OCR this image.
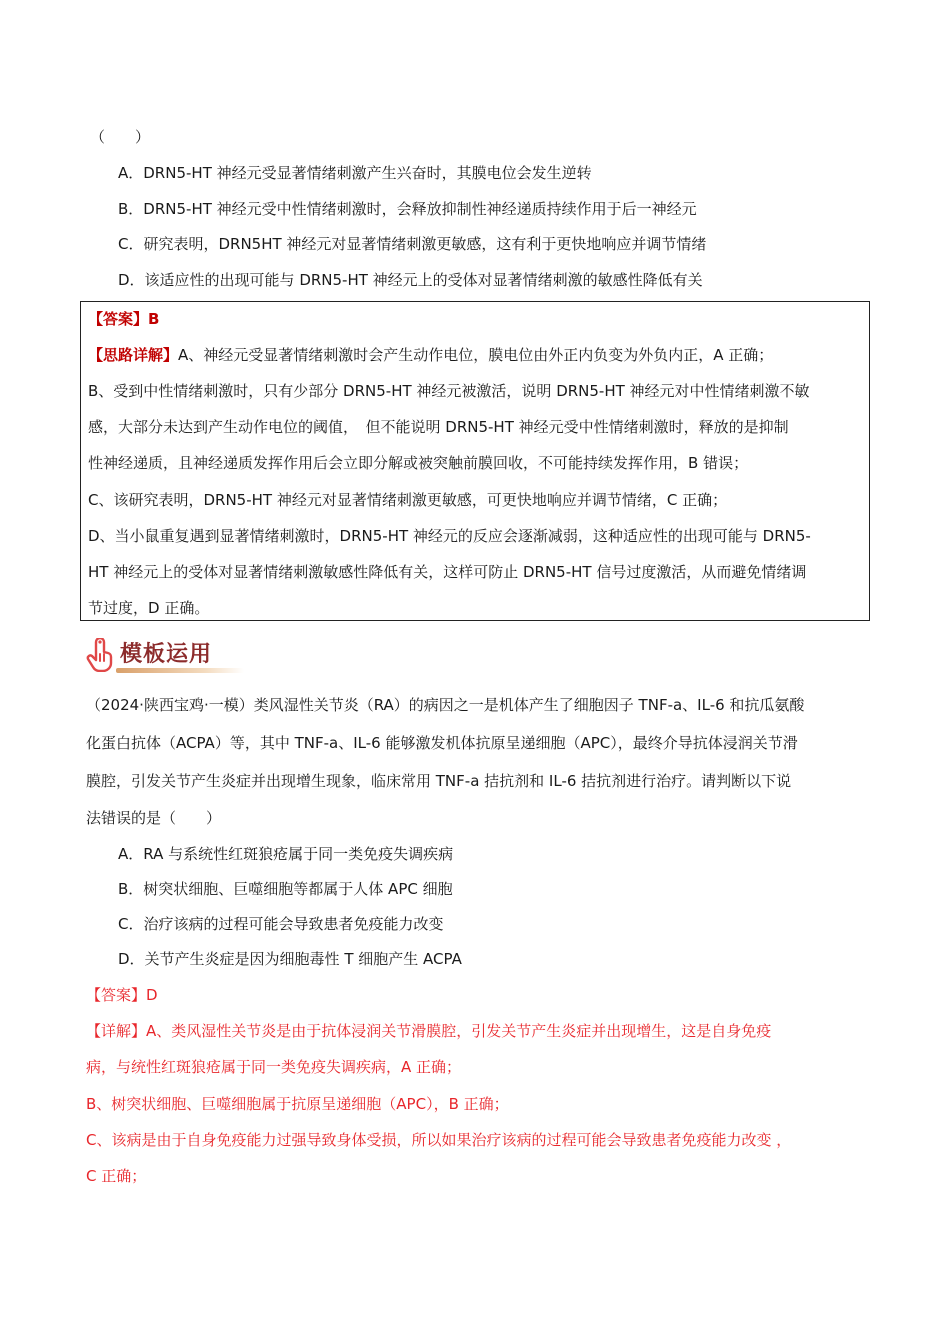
（　　）
A．DRN5-HT 神经元受显著情绪刺激产生兴奋时，其膜电位会发生逆转
B．DRN5-HT 神经元受中性情绪刺激时，会释放抑制性神经递质持续作用于后一神经元
C．研究表明，DRN5HT 神经元对显著情绪刺激更敏感，这有利于更快地响应并调节情绪
D．该适应性的出现可能与 DRN5-HT 神经元上的受体对显著情绪刺激的敏感性降低有关
【答案】B
【思路详解】A、神经元受显著情绪刺激时会产生动作电位，膜电位由外正内负变为外负内正，A 正确；
B、受到中性情绪刺激时，只有少部分 DRN5-HT 神经元被激活，说明 DRN5-HT 神经元对中性情绪刺激不敏
感，大部分未达到产生动作电位的阈值，　但不能说明 DRN5-HT 神经元受中性情绪刺激时，释放的是抑制
性神经递质，且神经递质发挥作用后会立即分解或被突触前膜回收，不可能持续发挥作用，B 错误；
C、该研究表明，DRN5-HT 神经元对显著情绪刺激更敏感，可更快地响应并调节情绪，C 正确；
D、当小鼠重复遇到显著情绪刺激时，DRN5-HT 神经元的反应会逐渐减弱，这种适应性的出现可能与 DRN5-
HT 神经元上的受体对显著情绪刺激敏感性降低有关，这样可防止 DRN5-HT 信号过度激活，从而避免情绪调
节过度，D 正确。
模板运用
（2024·陕西宝鸡·一模）类风湿性关节炎（RA）的病因之一是机体产生了细胞因子 TNF-a、IL-6 和抗瓜氨酸
化蛋白抗体（ACPA）等，其中 TNF-a、IL-6 能够激发机体抗原呈递细胞（APC），最终介导抗体浸润关节滑
膜腔，引发关节产生炎症并出现增生现象，临床常用 TNF-a 拮抗剂和 IL-6 拮抗剂进行治疗。请判断以下说
法错误的是（　　）
A．RA 与系统性红斑狼疮属于同一类免疫失调疾病
B．树突状细胞、巨噬细胞等都属于人体 APC 细胞
C．治疗该病的过程可能会导致患者免疫能力改变
D．关节产生炎症是因为细胞毒性 T 细胞产生 ACPA
【答案】D
【详解】A、类风湿性关节炎是由于抗体浸润关节滑膜腔，引发关节产生炎症并出现增生，这是自身免疫
病，与统性红斑狼疮属于同一类免疫失调疾病，A 正确；
B、树突状细胞、巨噬细胞属于抗原呈递细胞（APC），B 正确；
C、该病是由于自身免疫能力过强导致身体受损，所以如果治疗该病的过程可能会导致患者免疫能力改变 ，
C 正确；
